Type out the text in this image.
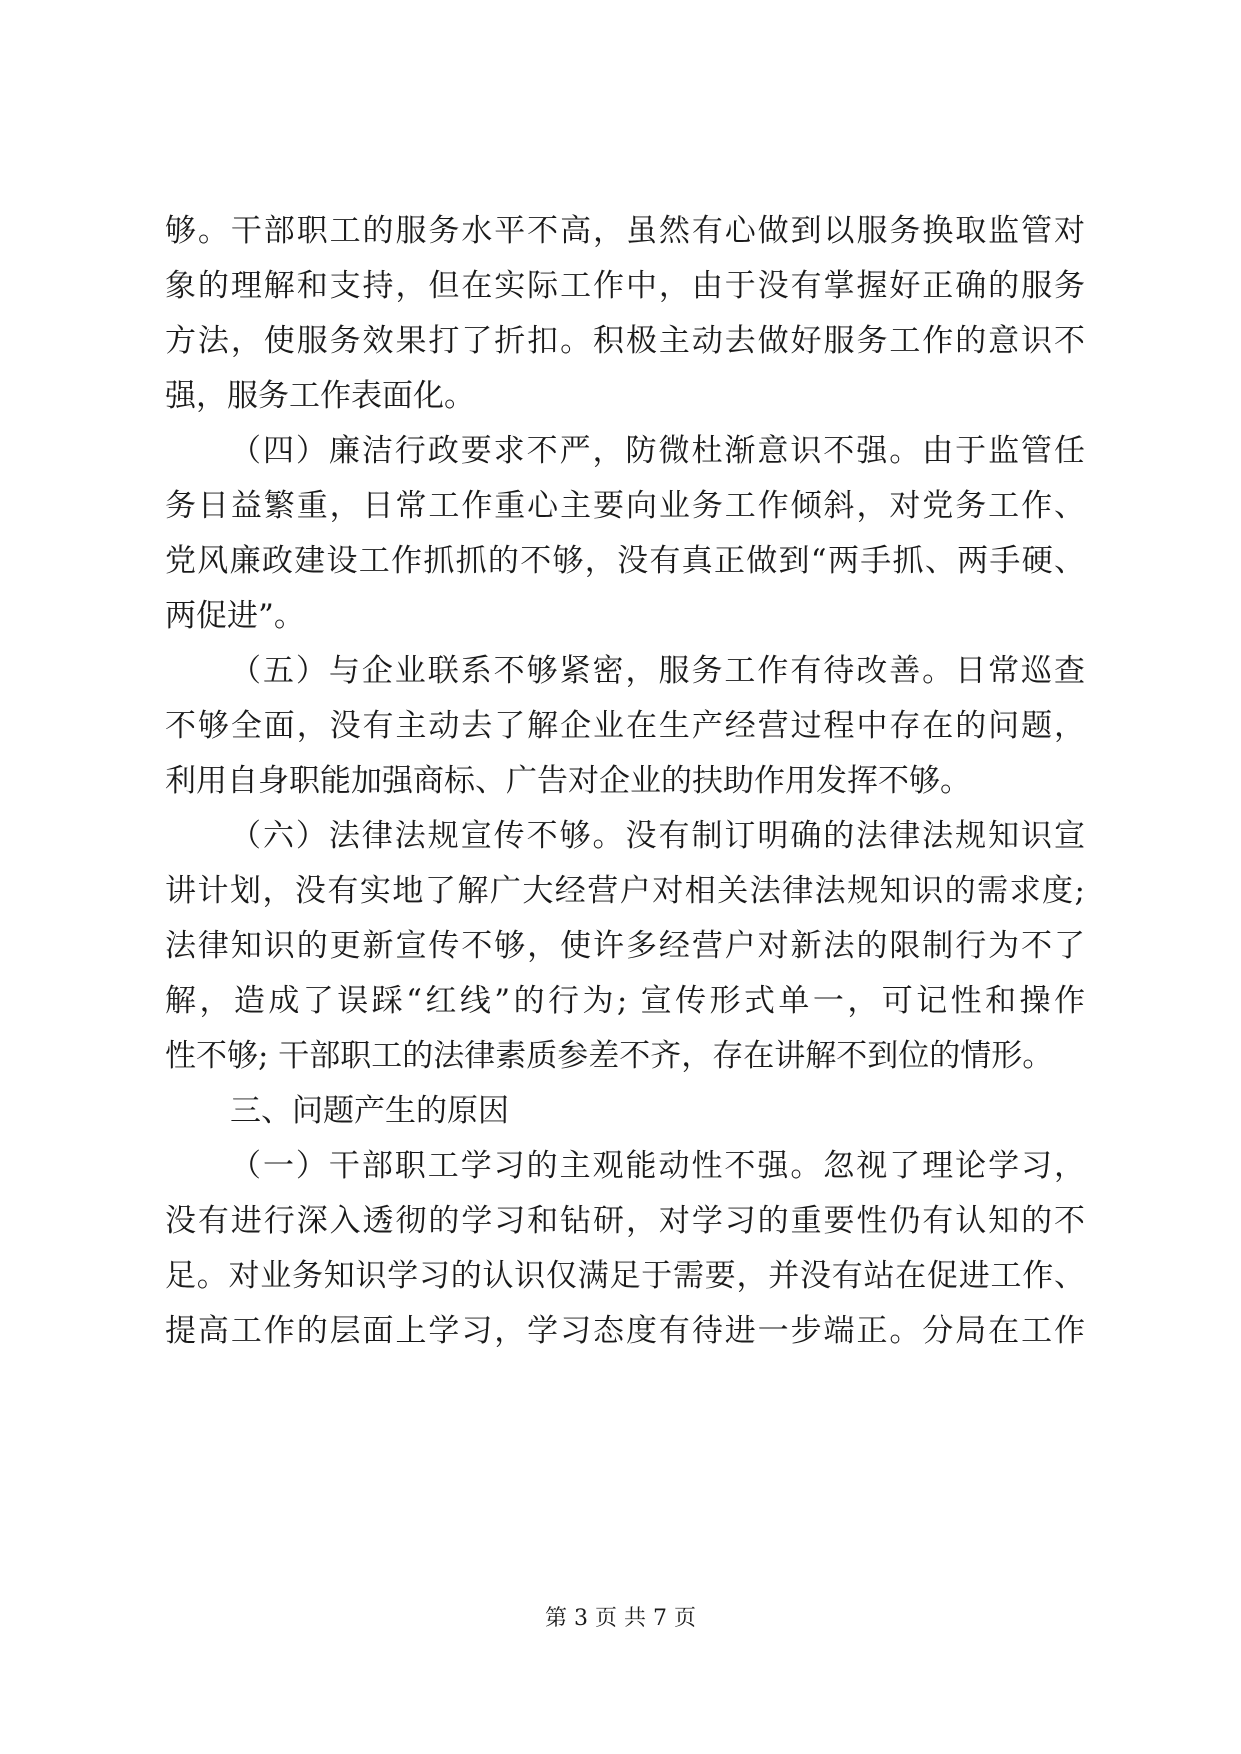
够。干部职工的服务水平不高，虽然有心做到以服务换取监管对
象的理解和支持，但在实际工作中，由于没有掌握好正确的服务
方法，使服务效果打了折扣。积极主动去做好服务工作的意识不
强，服务工作表面化。
（四）廉洁行政要求不严，防微杜渐意识不强。由于监管任
务日益繁重，日常工作重心主要向业务工作倾斜，对党务工作、
党风廉政建设工作抓抓的不够，没有真正做到“两手抓、两手硬、
两促进”。
（五）与企业联系不够紧密，服务工作有待改善。日常巡查
不够全面，没有主动去了解企业在生产经营过程中存在的问题，
利用自身职能加强商标、广告对企业的扶助作用发挥不够。
（六）法律法规宣传不够。没有制订明确的法律法规知识宣
讲计划，没有实地了解广大经营户对相关法律法规知识的需求度;
法律知识的更新宣传不够，使许多经营户对新法的限制行为不了
解，造成了误踩“红线”的行为; 宣传形式单一，可记性和操作
性不够; 干部职工的法律素质参差不齐，存在讲解不到位的情形。
三、问题产生的原因
（一）干部职工学习的主观能动性不强。忽视了理论学习，
没有进行深入透彻的学习和钻研，对学习的重要性仍有认知的不
足。对业务知识学习的认识仅满足于需要，并没有站在促进工作、
提高工作的层面上学习，学习态度有待进一步端正。分局在工作
第 3 页 共 7 页
